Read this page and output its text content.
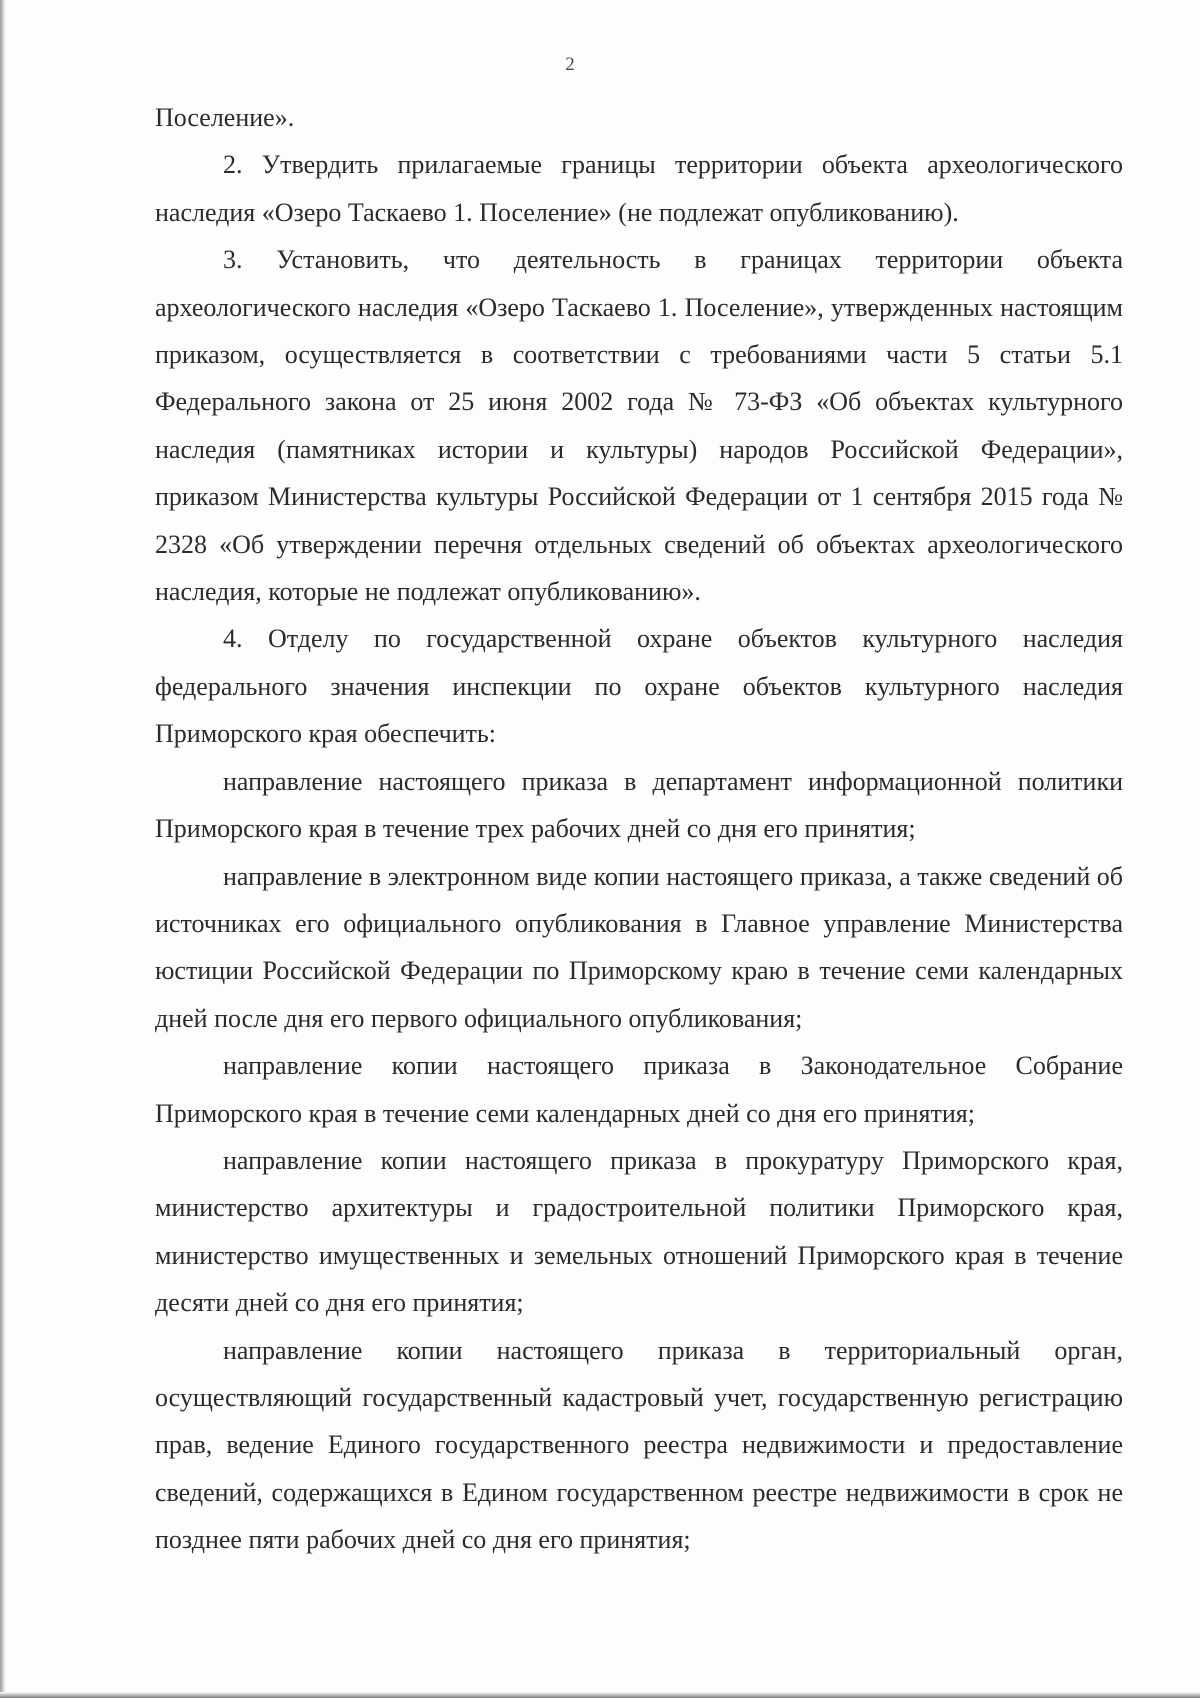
2

Поселение».

2. Утвердить прилагаемые границы территории объекта археологического наследия «Озеро Таскаево 1. Поселение» (не подлежат опубликованию).

3. Установить, что деятельность в границах территории объекта археологического наследия «Озеро Таскаево 1. Поселение», утвержденных настоящим приказом, осуществляется в соответствии с требованиями части 5 статьи 5.1 Федерального закона от 25 июня 2002 года № 73-ФЗ «Об объектах культурного наследия (памятниках истории и культуры) народов Российской Федерации», приказом Министерства культуры Российской Федерации от 1 сентября 2015 года № 2328 «Об утверждении перечня отдельных сведений об объектах археологического наследия, которые не подлежат опубликованию».

4. Отделу по государственной охране объектов культурного наследия федерального значения инспекции по охране объектов культурного наследия Приморского края обеспечить:

направление настоящего приказа в департамент информационной политики Приморского края в течение трех рабочих дней со дня его принятия;

направление в электронном виде копии настоящего приказа, а также сведений об источниках его официального опубликования в Главное управление Министерства юстиции Российской Федерации по Приморскому краю в течение семи календарных дней после дня его первого официального опубликования;

направление копии настоящего приказа в Законодательное Собрание Приморского края в течение семи календарных дней со дня его принятия;

направление копии настоящего приказа в прокуратуру Приморского края, министерство архитектуры и градостроительной политики Приморского края, министерство имущественных и земельных отношений Приморского края в течение десяти дней со дня его принятия;

направление копии настоящего приказа в территориальный орган, осуществляющий государственный кадастровый учет, государственную регистрацию прав, ведение Единого государственного реестра недвижимости и предоставление сведений, содержащихся в Едином государственном реестре недвижимости в срок не позднее пяти рабочих дней со дня его принятия;
